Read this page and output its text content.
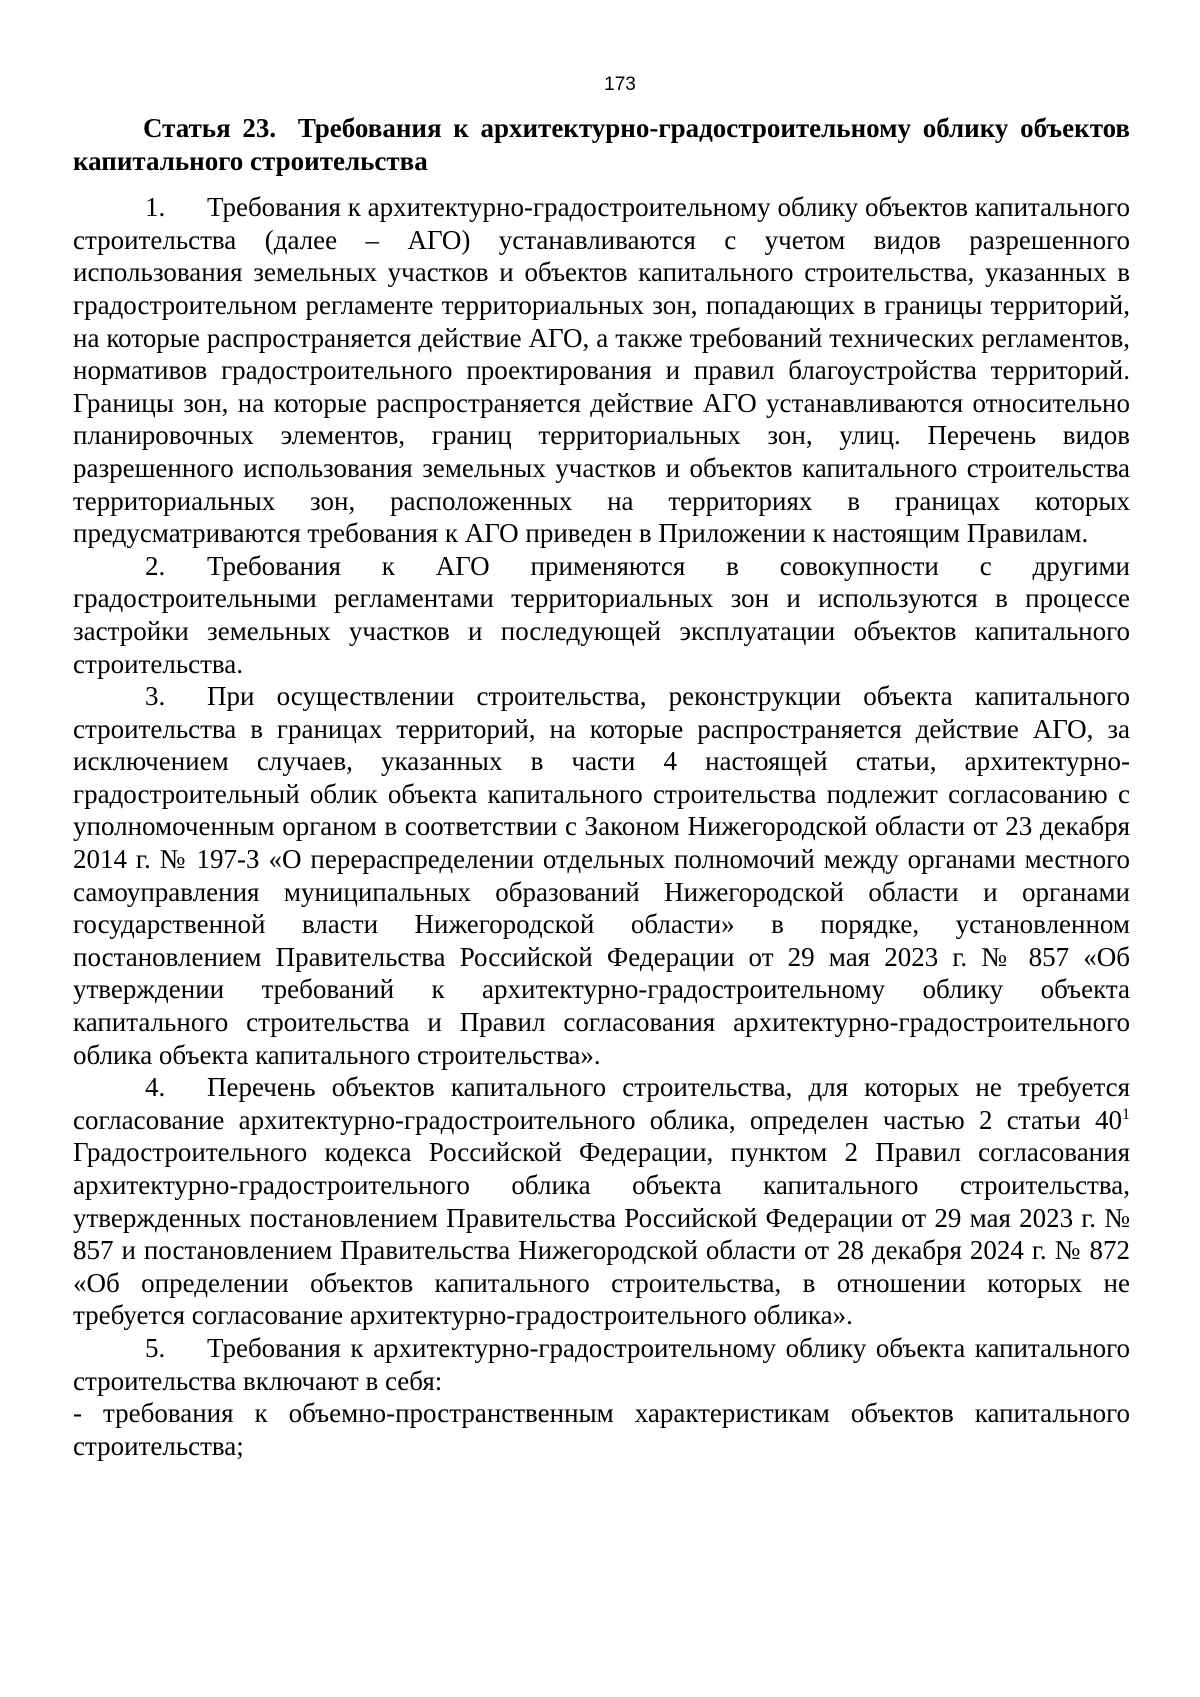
173

Статья 23. Требования к архитектурно-градостроительному облику объектов капитального строительства

1. Требования к архитектурно-градостроительному облику объектов капитального строительства (далее – АГО) устанавливаются с учетом видов разрешенного использования земельных участков и объектов капитального строительства, указанных в градостроительном регламенте территориальных зон, попадающих в границы территорий, на которые распространяется действие АГО, а также требований технических регламентов, нормативов градостроительного проектирования и правил благоустройства территорий. Границы зон, на которые распространяется действие АГО устанавливаются относительно планировочных элементов, границ территориальных зон, улиц. Перечень видов разрешенного использования земельных участков и объектов капитального строительства территориальных зон, расположенных на территориях в границах которых предусматриваются требования к АГО приведен в Приложении к настоящим Правилам.

2. Требования к АГО применяются в совокупности с другими градостроительными регламентами территориальных зон и используются в процессе застройки земельных участков и последующей эксплуатации объектов капитального строительства.

3. При осуществлении строительства, реконструкции объекта капитального строительства в границах территорий, на которые распространяется действие АГО, за исключением случаев, указанных в части 4 настоящей статьи, архитектурно-градостроительный облик объекта капитального строительства подлежит согласованию с уполномоченным органом в соответствии с Законом Нижегородской области от 23 декабря 2014 г. № 197-З «О перераспределении отдельных полномочий между органами местного самоуправления муниципальных образований Нижегородской области и органами государственной власти Нижегородской области» в порядке, установленном постановлением Правительства Российской Федерации от 29 мая 2023 г. № 857 «Об утверждении требований к архитектурно-градостроительному облику объекта капитального строительства и Правил согласования архитектурно-градостроительного облика объекта капитального строительства».

4. Перечень объектов капитального строительства, для которых не требуется согласование архитектурно-градостроительного облика, определен частью 2 статьи $40^1$ Градостроительного кодекса Российской Федерации, пунктом 2 Правил согласования архитектурно-градостроительного облика объекта капитального строительства, утвержденных постановлением Правительства Российской Федерации от 29 мая 2023 г. № 857 и постановлением Правительства Нижегородской области от 28 декабря 2024 г. № 872 «Об определении объектов капитального строительства, в отношении которых не требуется согласование архитектурно-градостроительного облика».

5. Требования к архитектурно-градостроительному облику объекта капитального строительства включают в себя:

- требования к объемно-пространственным характеристикам объектов капитального строительства;
